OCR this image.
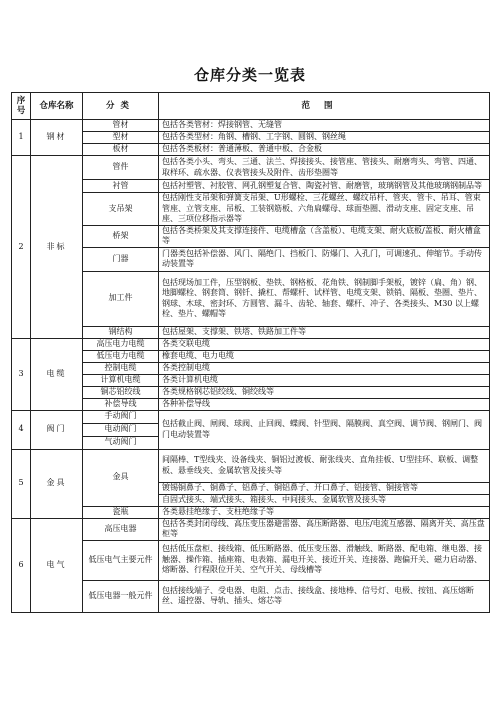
仓库分类一览表
序号	仓库名称	分类	范围
1	钢材	管材	包括各类管材：焊接钢管、无缝管
		型材	包括各类型材：角钢、槽钢、工字钢、圆钢、钢丝绳
		板材	包括各类板材：普通薄板、普通中板、合金板
2	非标	管件	包括各类小头、弯头、三通、法兰、焊接接头、接管座、管接头、耐磨弯头、弯管、四通、取样环、疏水器、仪表管接头及附件、齿形垫圈等
		衬管	包括衬塑管、衬胶管、网孔钢塑复合管、陶瓷衬管、耐磨管，玻璃钢管及其他玻璃钢制品等
		支吊架	包括刚性支吊架和弹簧支吊架、U形螺栓、三花螺丝、螺纹吊杆、管夹、管卡、吊耳、管束管座、立管支座、吊板、工装钢筋板、六角扁螺母、球面垫圈、滑动支座、固定支座、吊座、三项位移指示器等
		桥架	包括各类桥架及其支撑连接件、电缆槽盒（含盖板）、电缆支架、耐火底板/盖板、耐火槽盒等
		门器	门器类包括补偿器、风门、隔绝门、挡板门、防爆门、入孔门，可调速孔、伸缩节。手动传动装置等
		加工件	包括现场加工件，压型钢板、垫铁、钢格板、花角铁、钢制脚手架板，镀锌（扁、角）钢、地脚螺栓、钢套筒、钢钎、撬杠、帮螺杆、试样管、电缆支架、锁销、隔板、垫圈、垫片、钢球、木球、密封环、方圆管、漏斗、齿轮、轴套、螺杆、冲子、各类接头、M30 以上螺栓、垫片、螺帽等
		钢结构	包括屋架、支撑架、铁塔、铁路加工件等
3	电缆	高压电力电缆	各类交联电缆
		低压电力电缆	橡套电缆、电力电缆
		控制电缆	各类控制电缆
		计算机电缆	各类计算机电缆
		铜芯铝绞线	各类规格钢芯铝绞线、铜绞线等
		补偿导线	各种补偿导线
4	阀门	手动阀门	包括截止阀、闸阀、球阀、止回阀、蝶阀、针型阀、隔膜阀、真空阀、调节阀、钢闸门、阀门电动装置等
		电动阀门	
		气动阀门	
5	金具	金具	间隔棒、T型线夹、设备线夹、铜铝过渡板、耐张线夹、直角挂板、U型挂环、联板、调整板、悬垂线夹、金属软管及接头等
			镀锡铜鼻子、铜鼻子、铝鼻子、铜铝鼻子、开口鼻子、铝接管、铜接管等
			自固式接头、端式接头、箱接头、中间接头、金属软管及接头等
		瓷瓶	各类悬挂绝缘子、支柱绝缘子等
6	电气	高压电器	包括各类封闭母线、高压变压器避雷器、高压断路器、电压/电流互感器、隔离开关、高压盘柜等
		低压电气主要元件	包括低压盘柜、接线箱、低压断路器、低压变压器、滑触线、断路器、配电箱、继电器、接触器、操作箱、插座箱、电表箱、漏电开关、接近开关、连接器、跑偏开关、磁力启动器、熔断器、行程限位开关、空气开关、母线槽等
		低压电器一般元件	包括接线端子、受电器、电阻、点击、接线盒、接地棒、信号灯、电极、按钮、高压熔断丝、遥控器、导轨、插头、熔芯等
